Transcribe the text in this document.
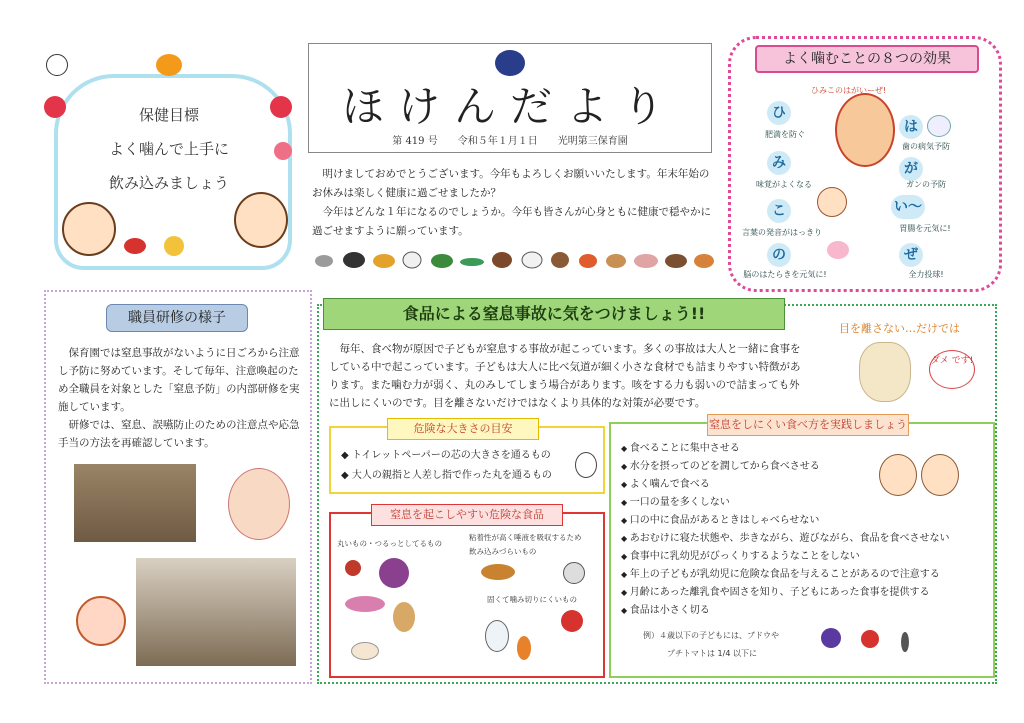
保健目標
よく噛んで上手に
飲み込みましょう
ほけんだより
第 419 号　　令和５年１月１日　　光明第三保育園

明けましておめでとうございます。今年もよろしくお願いいたします。年末年始のお休みは楽しく健康に過ごせましたか？

今年はどんな１年になるのでしょうか。今年も皆さんが心身ともに健康で穏やかに過ごせますように願っています。

よく噛むことの８つの効果
ひみこのはがいーぜ!
ひ
肥満を防ぐ
み
味覚がよくなる
こ
言葉の発音がはっきり
の
脳のはたらきを元気に!
は
歯の病気予防
が
ガンの予防
い〜
胃腸を元気に!
ぜ
全力投球!
職員研修の様子

保育園では窒息事故がないように日ごろから注意し予防に努めています。そして毎年、注意喚起のため全職員を対象とした「窒息予防」の内部研修を実施しています。

研修では、窒息、誤嚥防止のための注意点や応急手当の方法を再確認しています。

食品による窒息事故に気をつけましょう!!

毎年、食べ物が原因で子どもが窒息する事故が起こっています。多くの事故は大人と一緒に食事をしている中で起こっています。子どもは大人に比べ気道が細く小さな食材でも詰まりやすい特徴があります。また噛む力が弱く、丸のみしてしまう場合があります。咳をする力も弱いので詰まっても外に出しにくいのです。目を離さないだけではなくより具体的な対策が必要です。

目を離さない…だけでは
ダメ です!
危険な大きさの目安
◆ トイレットペーパーの芯の大きさを通るもの
◆ 大人の親指と人差し指で作った丸を通るもの
窒息を起こしやすい危険な食品
丸いもの・つるっとしてるもの
粘着性が高く唾液を吸収するため
飲み込みづらいもの
固くて噛み切りにくいもの
窒息をしにくい食べ方を実践しましょう
◆ 食べることに集中させる
◆ 水分を摂ってのどを潤してから食べさせる
◆ よく噛んで食べる
◆ 一口の量を多くしない
◆ 口の中に食品があるときはしゃべらせない
◆ あおむけに寝た状態や、歩きながら、遊びながら、食品を食べさせない
◆ 食事中に乳幼児がびっくりするようなことをしない
◆ 年上の子どもが乳幼児に危険な食品を与えることがあるので注意する
◆ 月齢にあった離乳食や固さを知り、子どもにあった食事を提供する
◆ 食品は小さく切る
例）４歳以下の子どもには、ブドウや
プチトマトは 1/4 以下に
